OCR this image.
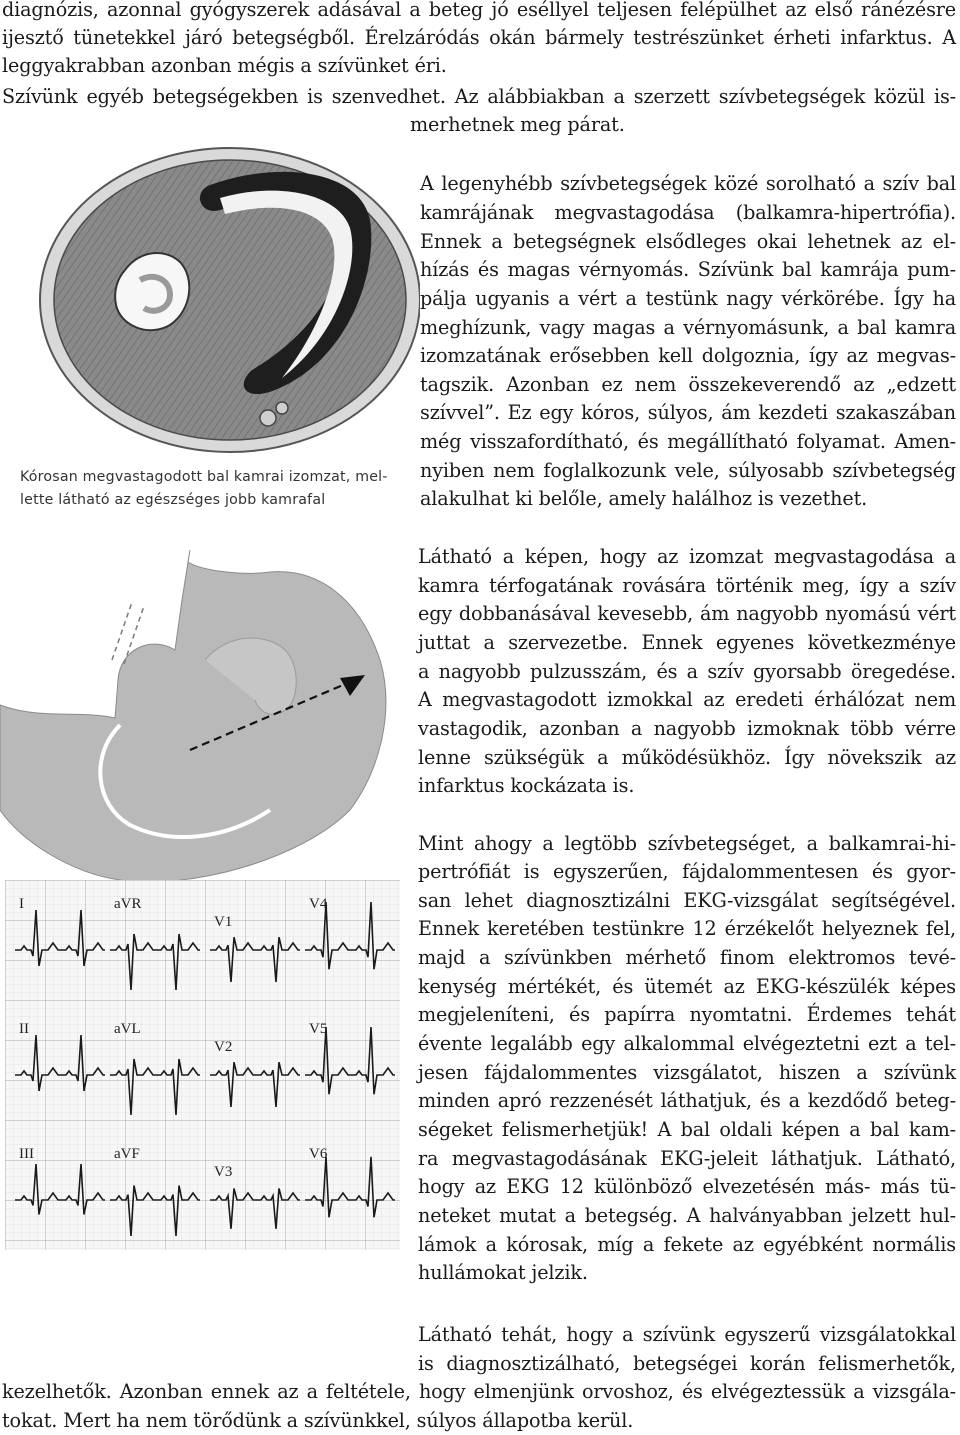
diagnózis, azonnal gyógyszerek adásával a beteg jó eséllyel teljesen felépülhet az első ránézésre
ijesztő tünetekkel járó betegségből. Érelzáródás okán bármely testrészünket érheti infarktus. A
leggyakrabban azonban mégis a szívünket éri.
Szívünk egyéb betegségekben is szenvedhet. Az alábbiakban a szerzett szívbetegségek közül is-
merhetnek meg párat.
Kórosan megvastagodott bal kamrai izomzat, mel-
lette látható az egészséges jobb kamrafal
A legenyhébb szívbetegségek közé sorolható a szív bal
kamrájának megvastagodása (balkamra-hipertrófia).
Ennek a betegségnek elsődleges okai lehetnek az el-
hízás és magas vérnyomás. Szívünk bal kamrája pum-
pálja ugyanis a vért a testünk nagy vérkörébe. Így ha
meghízunk, vagy magas a vérnyomásunk, a bal kamra
izomzatának erősebben kell dolgoznia, így az megvas-
tagszik. Azonban ez nem összekeverendő az „edzett
szívvel”. Ez egy kóros, súlyos, ám kezdeti szakaszában
még visszafordítható, és megállítható folyamat. Amen-
nyiben nem foglalkozunk vele, súlyosabb szívbetegség
alakulhat ki belőle, amely halálhoz is vezethet.
Látható a képen, hogy az izomzat megvastagodása a
kamra térfogatának rovására történik meg, így a szív
egy dobbanásával kevesebb, ám nagyobb nyomású vért
juttat a szervezetbe. Ennek egyenes következménye
a nagyobb pulzusszám, és a szív gyorsabb öregedése.
A megvastagodott izmokkal az eredeti érhálózat nem
vastagodik, azonban a nagyobb izmoknak több vérre
lenne szükségük a működésükhöz. Így növekszik az
infarktus kockázata is.
I	aVR
V1
V4
II	aVL
V2
V5
III	aVF
V3
V6
Mint ahogy a legtöbb szívbetegséget, a balkamrai-hi-
pertrófiát is egyszerűen, fájdalommentesen és gyor-
san lehet diagnosztizálni EKG-vizsgálat segítségével.
Ennek keretében testünkre 12 érzékelőt helyeznek fel,
majd a szívünkben mérhető finom elektromos tevé-
kenység mértékét, és ütemét az EKG-készülék képes
megjeleníteni, és papírra nyomtatni. Érdemes tehát
évente legalább egy alkalommal elvégeztetni ezt a tel-
jesen fájdalommentes vizsgálatot, hiszen a szívünk
minden apró rezzenését láthatjuk, és a kezdődő beteg-
ségeket felismerhetjük! A bal oldali képen a bal kam-
ra megvastagodásának EKG-jeleit láthatjuk. Látható,
hogy az EKG 12 különböző elvezetésén más- más tü-
neteket mutat a betegség. A halványabban jelzett hul-
lámok a kórosak, míg a fekete az egyébként normális
hullámokat jelzik.
Látható tehát, hogy a szívünk egyszerű vizsgálatokkal
is diagnosztizálható, betegségei korán felismerhetők,
kezelhetők. Azonban ennek az a feltétele, hogy elmenjünk orvoshoz, és elvégeztessük a vizsgála-
tokat. Mert ha nem törődünk a szívünkkel, súlyos állapotba kerül.
